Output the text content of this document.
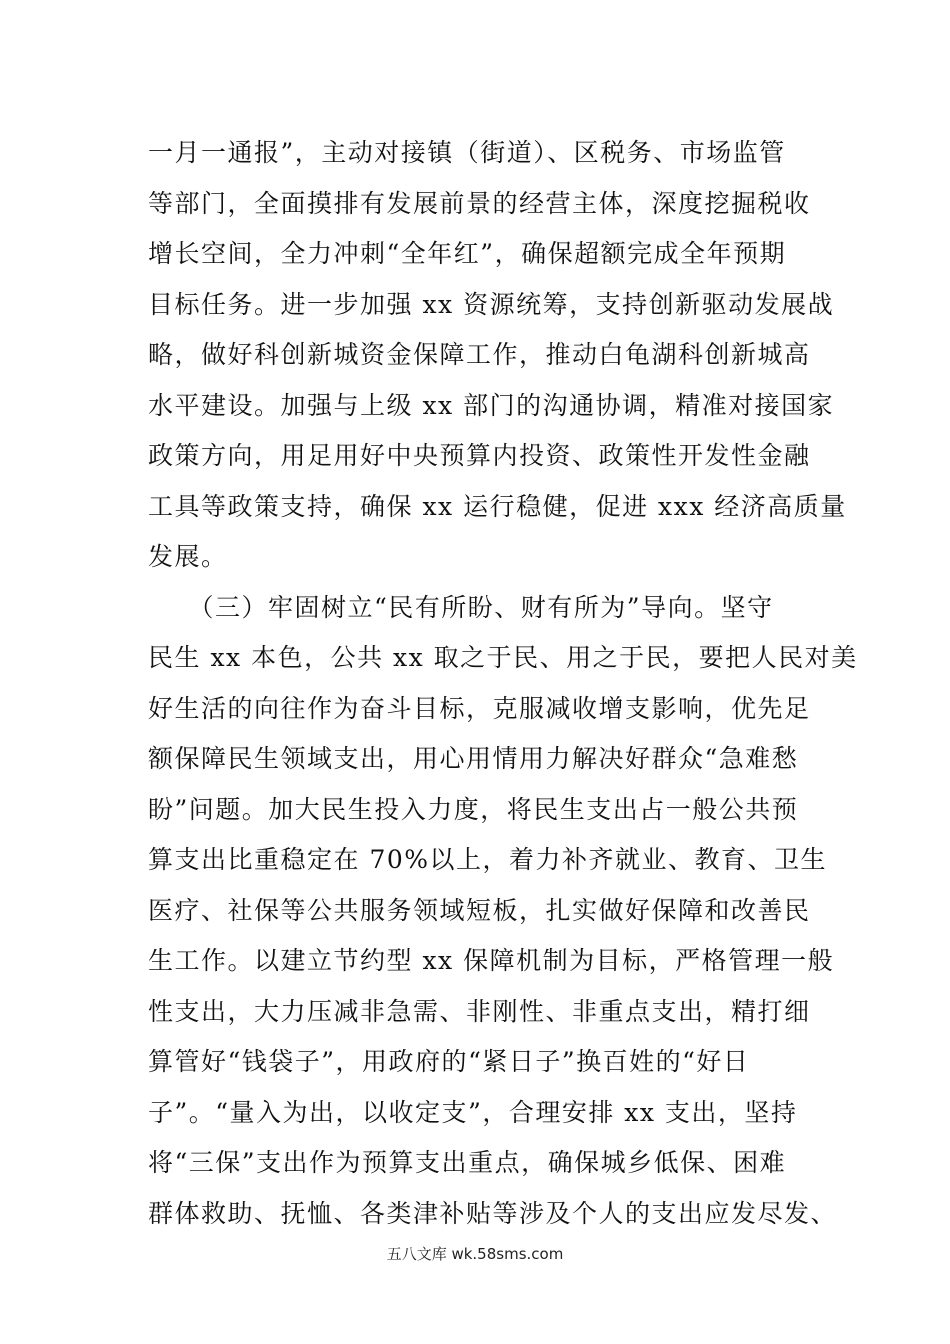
一月一通报”，主动对接镇（街道）、区税务、市场监管
等部门，全面摸排有发展前景的经营主体，深度挖掘税收
增长空间，全力冲刺“全年红”，确保超额完成全年预期
目标任务。进一步加强 xx 资源统筹，支持创新驱动发展战
略，做好科创新城资金保障工作，推动白龟湖科创新城高
水平建设。加强与上级 xx 部门的沟通协调，精准对接国家
政策方向，用足用好中央预算内投资、政策性开发性金融
工具等政策支持，确保 xx 运行稳健，促进 xxx 经济高质量
发展。
　　（三）牢固树立“民有所盼、财有所为”导向。坚守
民生 xx 本色，公共 xx 取之于民、用之于民，要把人民对美
好生活的向往作为奋斗目标，克服减收增支影响，优先足
额保障民生领域支出，用心用情用力解决好群众“急难愁
盼”问题。加大民生投入力度，将民生支出占一般公共预
算支出比重稳定在 70%以上，着力补齐就业、教育、卫生
医疗、社保等公共服务领域短板，扎实做好保障和改善民
生工作。以建立节约型 xx 保障机制为目标，严格管理一般
性支出，大力压减非急需、非刚性、非重点支出，精打细
算管好“钱袋子”，用政府的“紧日子”换百姓的“好日
子”。“量入为出，以收定支”，合理安排 xx 支出，坚持
将“三保”支出作为预算支出重点，确保城乡低保、困难
群体救助、抚恤、各类津补贴等涉及个人的支出应发尽发、
五八文库 wk.58sms.com
